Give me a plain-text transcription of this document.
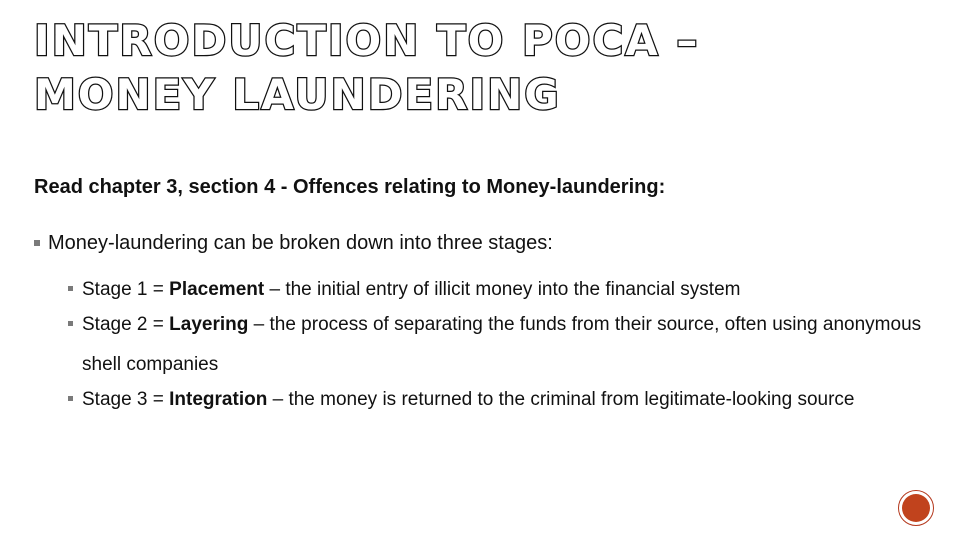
INTRODUCTION TO POCA – MONEY LAUNDERING

Read chapter 3, section 4 - Offences relating to Money-laundering:

Money-laundering can be broken down into three stages:
Stage 1 = Placement – the initial entry of illicit money into the financial system
Stage 2 = Layering – the process of separating the funds from their source, often using anonymous shell companies
Stage 3 = Integration – the money is returned to the criminal from legitimate-looking source
